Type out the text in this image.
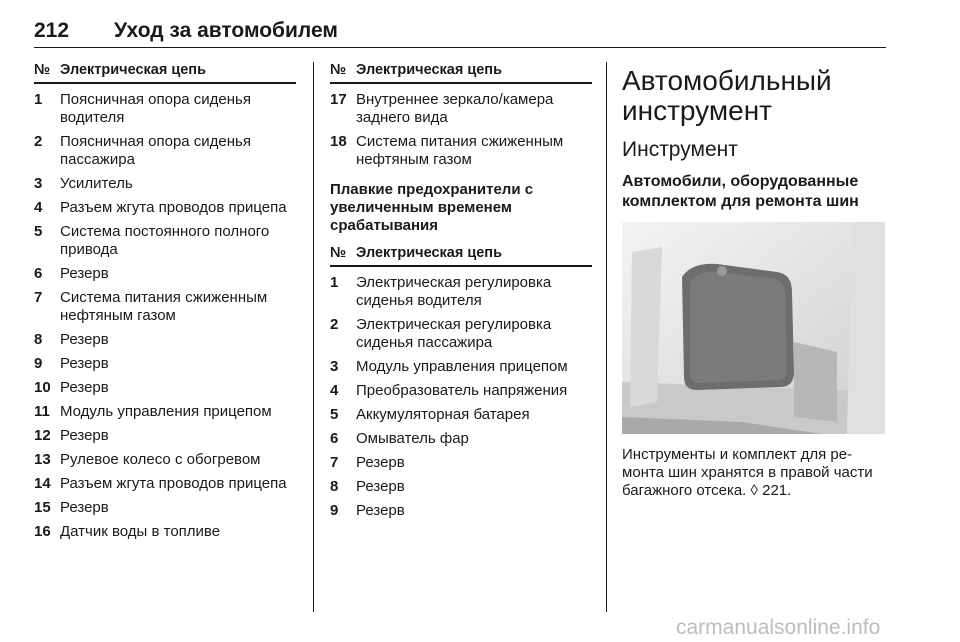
212	Уход за автомобилем
№ Электрическая цепь
1	Поясничная опора сиденья водителя
2	Поясничная опора сиденья пассажира
3	Усилитель
4	Разъем жгута проводов прицепа
5	Система постоянного полного привода
6	Резерв
7	Система питания сжиженным нефтяным газом
8	Резерв
9	Резерв
10 Резерв
11 Модуль управления прицепом
12 Резерв
13 Рулевое колесо с обогревом
14 Разъем жгута проводов прицепа
15 Резерв
16 Датчик воды в топливе
№ Электрическая цепь
17 Внутреннее зеркало/камера заднего вида
18 Система питания сжиженным нефтяным газом
Плавкие предохранители с увеличенным временем срабатывания
№ Электрическая цепь
1	Электрическая регулировка сиденья водителя
2	Электрическая регулировка сиденья пассажира
3	Модуль управления прицепом
4	Преобразователь напряжения
5	Аккумуляторная батарея
6	Омыватель фар
7	Резерв
8	Резерв
9	Резерв
Автомобильный инструмент
Инструмент
Автомобили, оборудованные комплектом для ремонта шин
Инструменты и комплект для ре-монта шин хранятся в правой части багажного отсека. ◊ 221.
carmanualsonline.info
